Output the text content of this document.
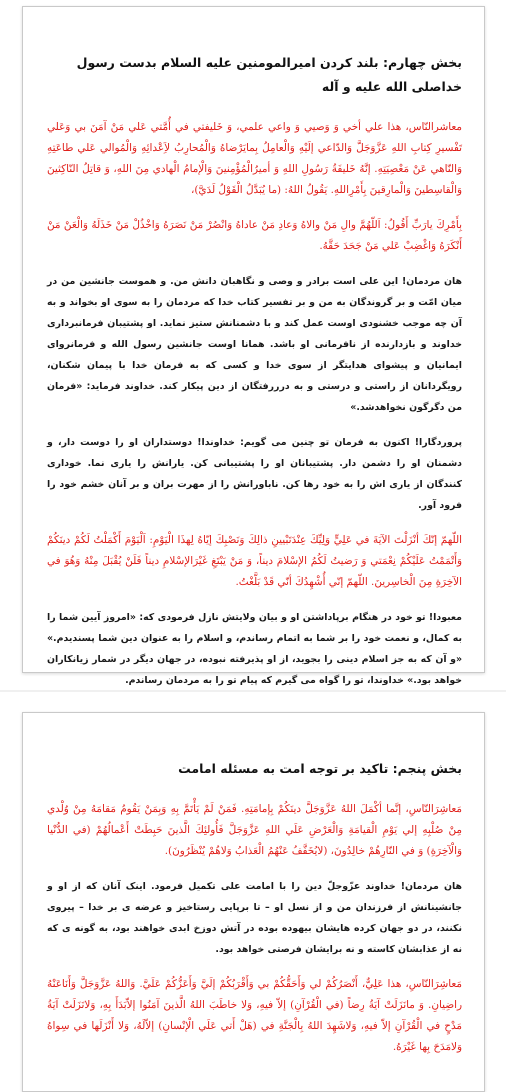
بخش چهارم: بلند کردن امیرالمومنین علیه السلام بدست رسول خداصلی الله علیه و آله

معاشرالنّاس، هذا علي أخي وَ وَصيي وَ واعي علمي، وَ خَليفتي في أُمَّتي عَلي مَنْ آمَنَ بي وَعَلي تَفْسيرِ كِتابِ اللهِ عَزَّوَجَلَّ وَالدّاعي إلَيْهِ وَالْعامِلُ بِمايَرْضاهُ وَالْمُحارِبُ لاَِعْدائِهِ وَالْمُوالي عَلي طاعَتِهِ وَالنّاهي عَنْ مَعْصِيَتِهِ. إنَّهُ خَليفَةُ رَسُولِ اللهِ وَ أميرُالْمُؤْمِنينَ وَالْإمامُ الْهادي مِنَ اللهِ، وَ قاتِلُ النّاكِثينَ وَالْقاسِطينَ وَالْمارِقينَ بِأَمْرِاللهِ. يَقُولُ اللهُ: (ما يُبَدَّلُ الْقَوْلُ لَدَيَّ)،

بِأَمْرِكَ يارَبِّ أَقُولُ: اَللّهُمَّ والِ مَنْ والاهُ وَعادِ مَنْ عاداهُ وَانْصُرْ مَنْ نَصَرَهُ وَاخْذُلْ مَنْ خَذَلَهُ وَالْعَنْ مَنْ أَنْكَرَهُ وَاغْضِبْ عَلي مَنْ جَحَدَ حَقَّهُ.

هان مردمان! این علی است برادر و وصی و نگاهبان دانش من. و هموست جانشین من در میان امّت و بر گروندگان به من و بر تفسیر کتاب خدا که مردمان را به سوی او بخواند و به آن چه موجب خشنودی اوست عمل کند و با دشمنانش ستیز نماید. او پشتیبان فرمانبرداری خداوند و بازدارنده از نافرمانی او باشد. همانا اوست جانشین رسول الله و فرمانروای ایمانیان و پیشوای هدایتگر از سوی خدا و کسی که به فرمان خدا با پیمان شکنان، رویگردانان از راستی و درستی و به درررفتگان از دین پیکار کند. خداوند فرماید: «فرمان من دگرگون نخواهدشد.»

پروردگارا! اکنون به فرمان تو چنین می گویم: خداوندا! دوستداران او را دوست دار، و دشمنان او را دشمن دار. پشتیبانان او را پشتیبانی کن. یارانش را یاری نما. خوداری کنندگان از یاری اش را به خود رها کن. ناباورانش را از مهرت بران و بر آنان خشم خود را فرود آور.

اللّهمّ إنّكَ أنْزَلْتَ الآيَةَ في عَلِيٍّ وَلِيِّكَ عِنْدَتَبْيينِ ذالِكَ وَنَصْبِكَ إيّاهُ لِهذَا الْيَوْمِ: اَلْيَوْمَ أَكْمَلْتُ لَكُمْ دينَكُمْ وَأَتْمَمْتُ عَلَيْكُمْ نِعْمَتي وَ رَضيتُ لَكُمُ الإسْلامَ ديناً، وَ مَنْ يَبْتَغِ غَيْرَالإسْلامِ ديناً فَلَنْ يُقْبَلَ مِنْهُ وَهُوَ في الآخِرَةِ مِنَ الْخاسِرينَ. اللّهمّ إنّي أُشْهِدُكَ أنّي قَدْ بَلَّغْتُ.

معبودا! تو خود در هنگام برپاداشتن او و بیان ولایتش نازل فرمودی که: «امروز آیین شما را به کمال، و نعمت خود را بر شما به اتمام رساندم، و اسلام را به عنوان دین شما پسندیدم.» «و آن که به جز اسلام دینی را بجوید، از او پذیرفته نبوده، در جهان دیگر در شمار زیانکاران خواهد بود.» خداوندا، تو را گواه می گیرم که پیام تو را به مردمان رساندم.

بخش پنجم: تاکید بر توجه امت به مسئله امامت

مَعاشِرَالنّاسِ، إنَّما أكْمَلَ اللهُ عَزَّوَجَلَّ دينَكُمْ بِإمامَتِهِ. فَمَنْ لَمْ يَأْتَمَّ بِهِ وَبِمَنْ يَقُومُ مَقامَهُ مِنْ وُلْدي مِنْ صُلْبِهِ إلي يَوْمِ الْقيامَةِ وَالْعَرْضِ عَلَي اللهِ عَزَّوَجَلَّ فَأُولئِكَ الَّذينَ حَبِطَتْ أَعْمالُهُمْ (في الدُّنْيا وَالْآخِرَةِ) وَ في النّارِهُمْ خالِدُونَ، (لايُخَفَّفُ عَنْهُمُ الْعَذابُ وَلاهُمْ يُنْظَرُونَ).

هان مردمان! خداوند عزّوجلّ دین را با امامت علی تکمیل فرمود. اینک آنان که از او و جانشینانش از فرزندان من و از نسل او – تا برپایی رستاخیز و عرضه ی بر خدا – پیروی نکنند، در دو جهان کرده هایشان بیهوده بوده در آتش دوزخ ابدی خواهند بود، به گونه ی که نه از عذابشان کاسته و نه برایشان فرصتی خواهد بود.

مَعاشِرَالنّاسِ، هذا عَلِيٌّ، أَنْصَرُكُمْ لي وَأَحَقُّكُمْ بي وَأَقْرَبُكُمْ إلَيَّ وَأَعَزُّكُمْ عَلَيَّ. وَاللهُ عَزَّوَجَلَّ وَأَنَاعَنْهُ راضِيانِ. وَ مانَزَلَتْ آيَةُ رِضاً (في الْقُرْآنِ) إلاّ فيهِ، وَلا خاطَبَ اللهُ الَّذينَ آمَنُوا إلاّبَدَأَ بِهِ، وَلانَزَلَتْ آيَةُ مَدْحٍ في الْقُرْآنِ إلاّ فيهِ، وَلاشَهِدَ اللهُ بِالْجَنَّةِ في (هَلْ أَتي عَلَي الْإنْسانِ) إلاّلَهُ، وَلا أَنْزَلَها في سِواهُ وَلامَدَحَ بِها غَيْرَهُ.
